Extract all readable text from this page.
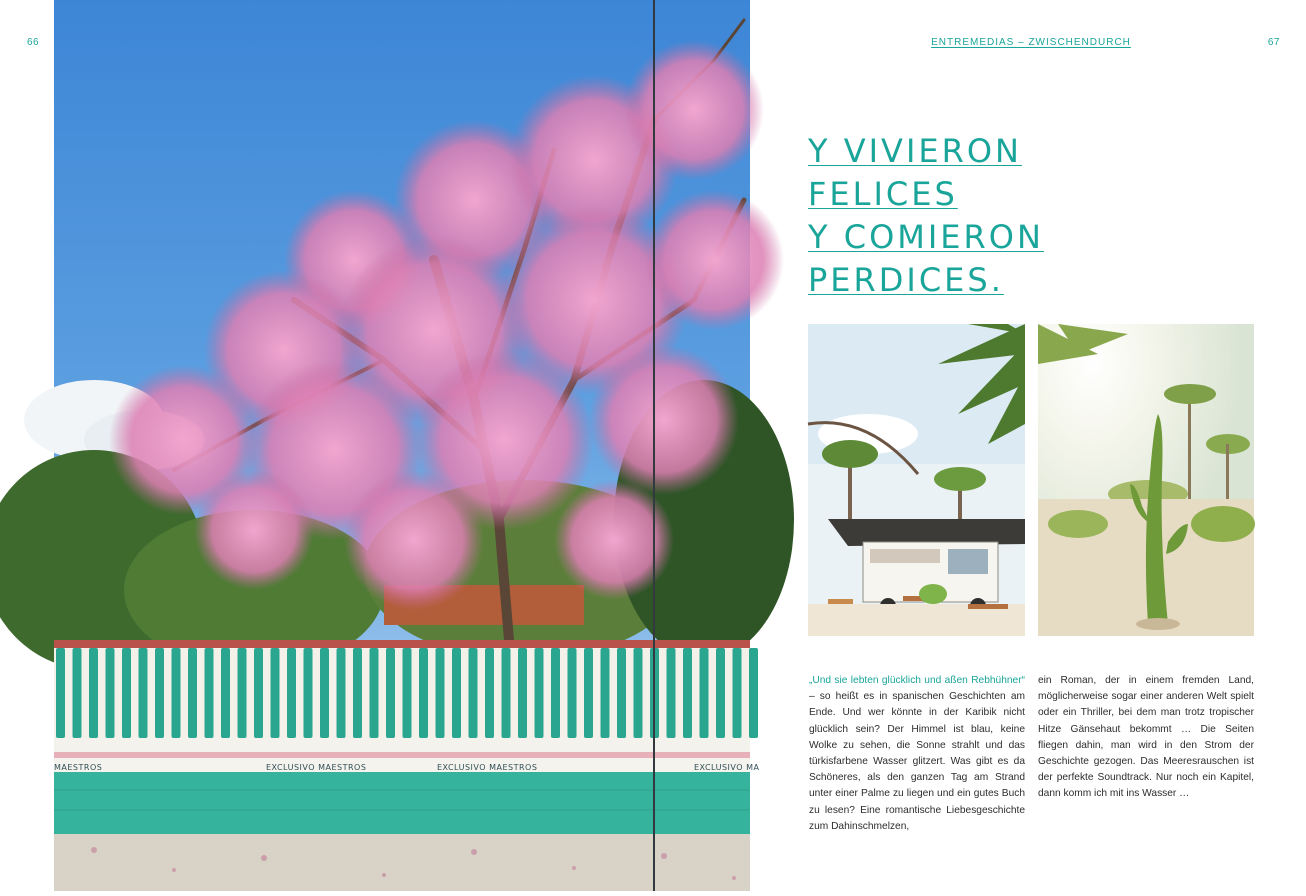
66	67
ENTREMEDIAS – ZWISCHENDURCH
MAESTROS	EXCLUSIVO MAESTROS	EXCLUSIVO MAESTROS	EXCLUSIVO MA
Y VIVIERON
FELICES
Y COMIERON
PERDICES.

„Und sie lebten glücklich und aßen Rebhühner“ – so heißt es in spanischen Geschichten am Ende. Und wer könnte in der Karibik nicht glücklich sein? Der Himmel ist blau, keine Wolke zu sehen, die Sonne strahlt und das türkisfarbene Wasser glitzert. Was gibt es da Schöneres, als den ganzen Tag am Strand unter einer Palme zu liegen und ein gutes Buch zu lesen? Eine romantische Liebesgeschichte zum Dahinschmelzen,

ein Roman, der in einem fremden Land, möglicherweise sogar einer anderen Welt spielt oder ein Thriller, bei dem man trotz tropischer Hitze Gänsehaut bekommt … Die Seiten fliegen dahin, man wird in den Strom der Geschichte gezogen. Das Meeresrauschen ist der perfekte Soundtrack. Nur noch ein Kapitel, dann komm ich mit ins Wasser …
